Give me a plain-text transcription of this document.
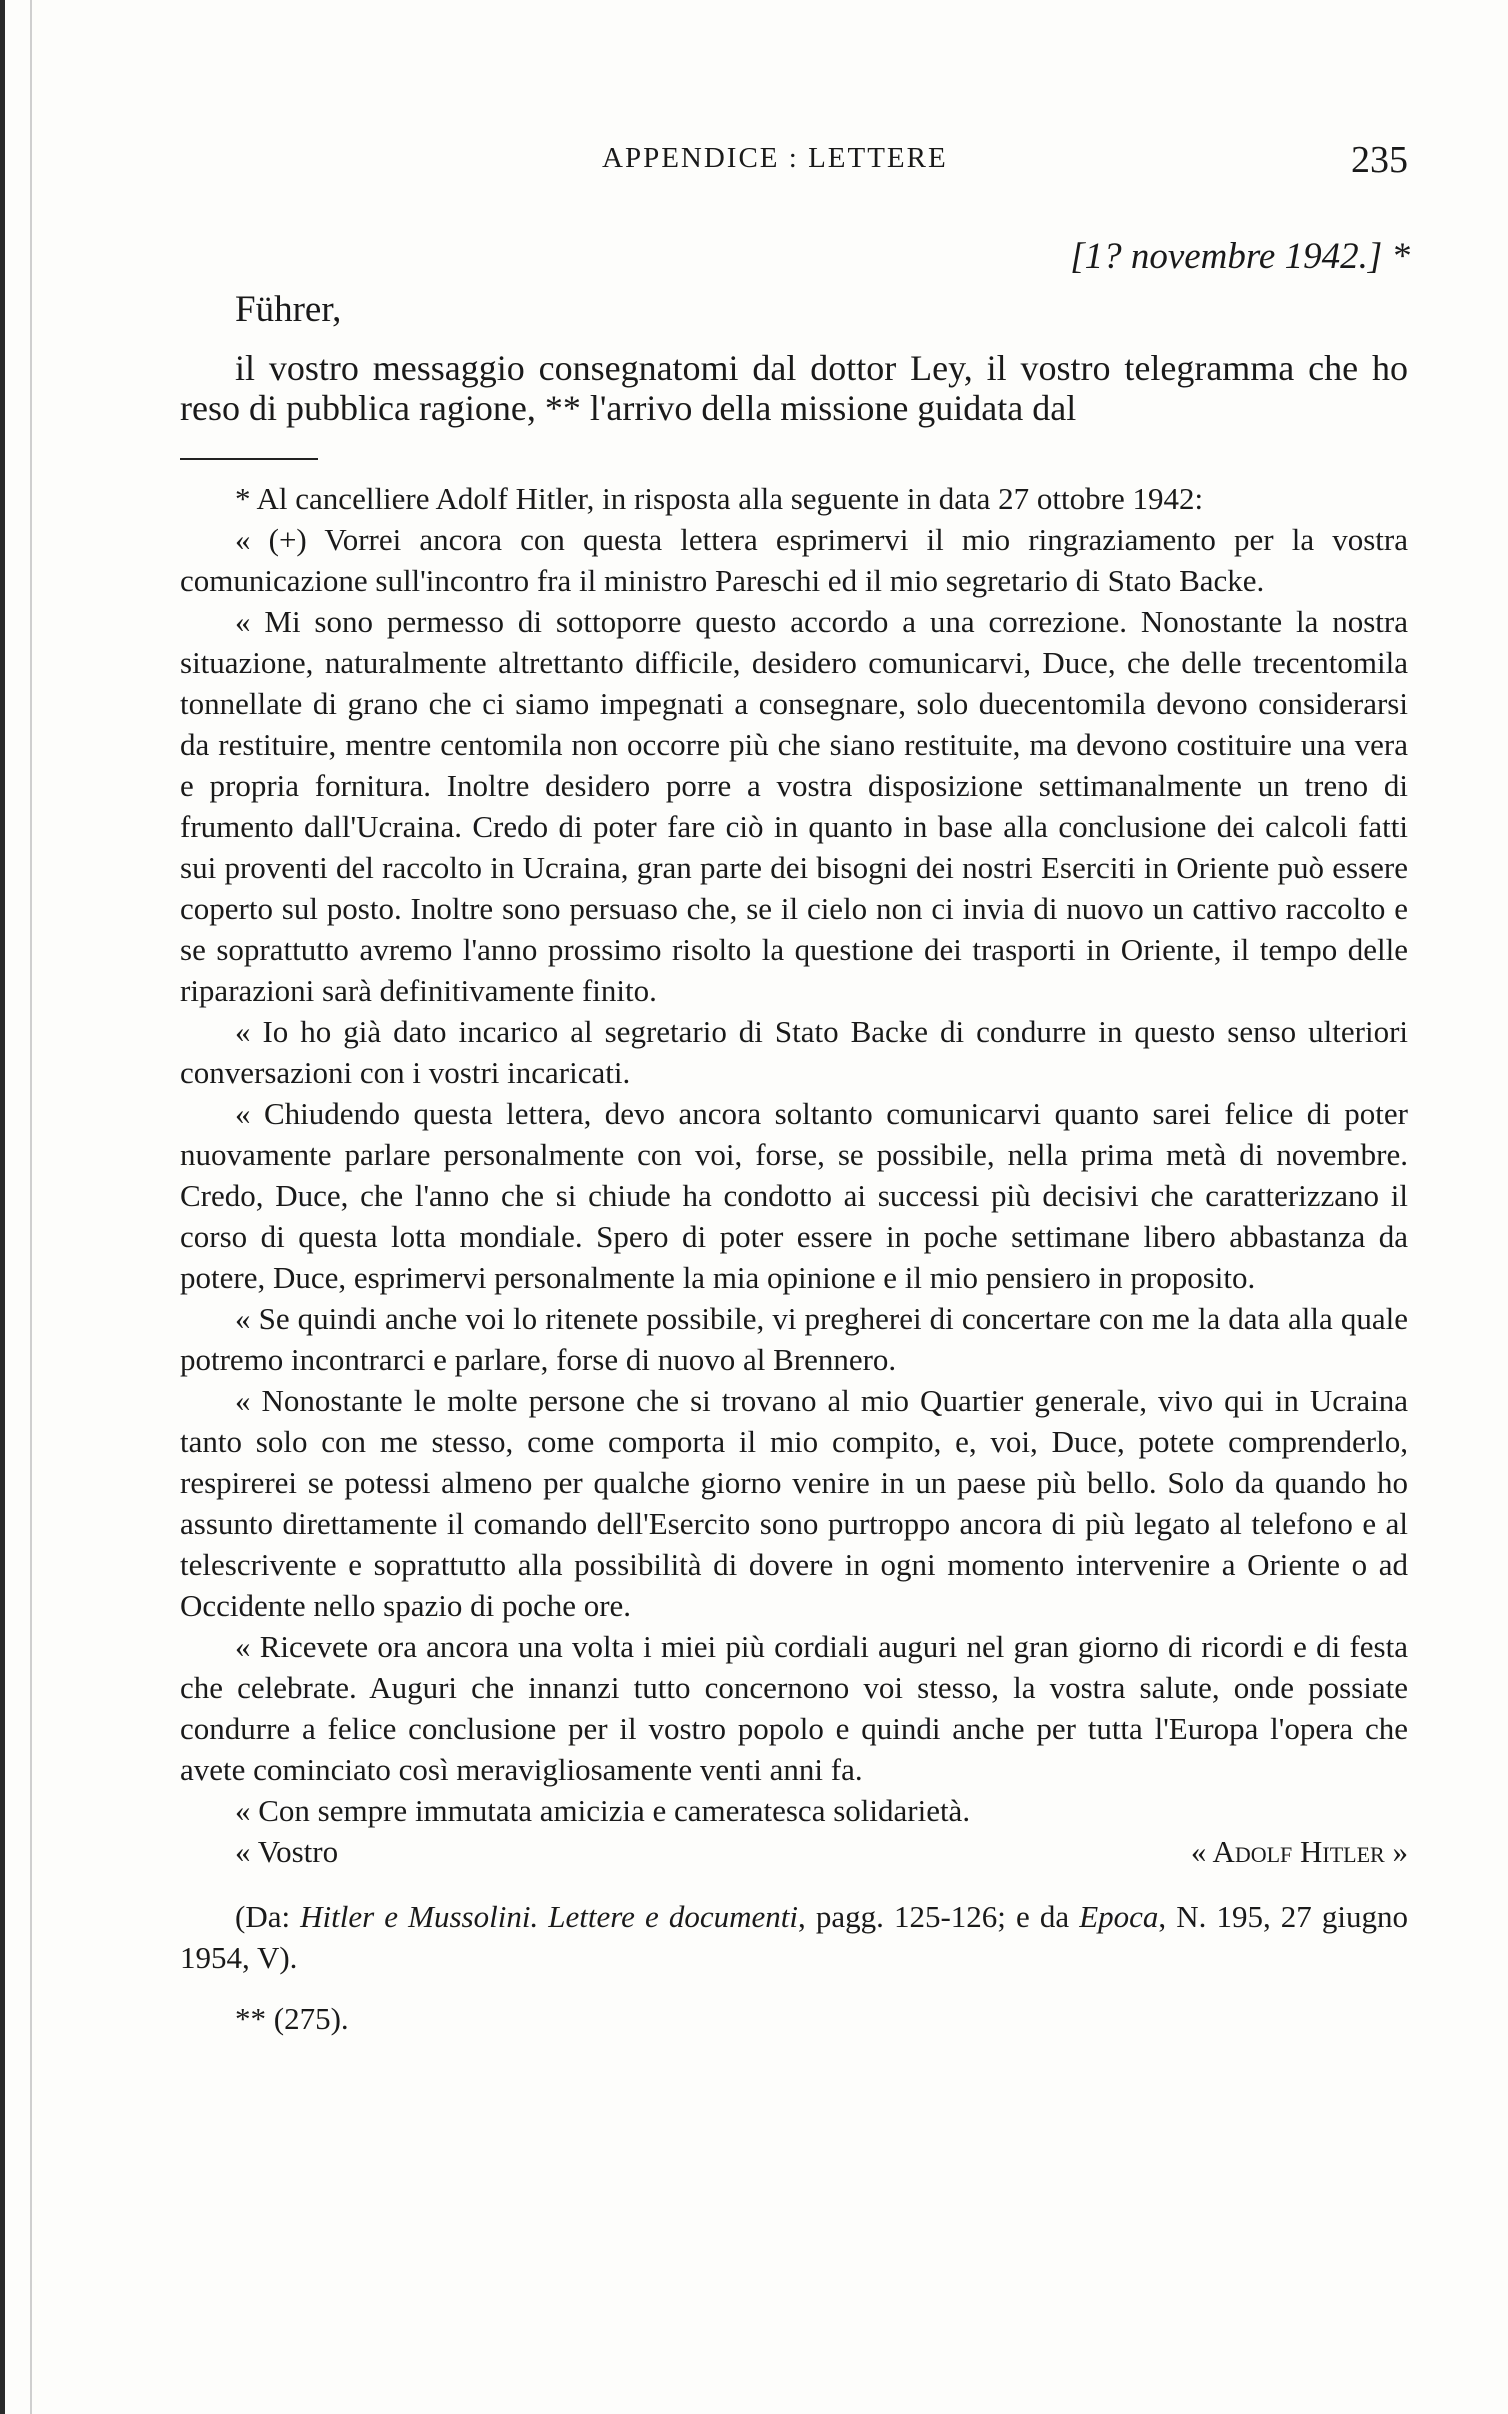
APPENDICE : LETTERE	235
[1? novembre 1942.] *
Führer,

il vostro messaggio consegnatomi dal dottor Ley, il vostro telegramma che ho reso di pubblica ragione, ** l'arrivo della missione guidata dal

* Al cancelliere Adolf Hitler, in risposta alla seguente in data 27 ottobre 1942:

« (+) Vorrei ancora con questa lettera esprimervi il mio ringraziamento per la vostra comunicazione sull'incontro fra il ministro Pareschi ed il mio segretario di Stato Backe.

« Mi sono permesso di sottoporre questo accordo a una correzione. Nonostante la nostra situazione, naturalmente altrettanto difficile, desidero comunicarvi, Duce, che delle trecentomila tonnellate di grano che ci siamo impegnati a consegnare, solo duecentomila devono considerarsi da restituire, mentre centomila non occorre più che siano restituite, ma devono costituire una vera e propria fornitura. Inoltre desidero porre a vostra disposizione settimanalmente un treno di frumento dall'Ucraina. Credo di poter fare ciò in quanto in base alla conclusione dei calcoli fatti sui proventi del raccolto in Ucraina, gran parte dei bisogni dei nostri Eserciti in Oriente può essere coperto sul posto. Inoltre sono persuaso che, se il cielo non ci invia di nuovo un cattivo raccolto e se soprattutto avremo l'anno prossimo risolto la questione dei trasporti in Oriente, il tempo delle riparazioni sarà definitivamente finito.

« Io ho già dato incarico al segretario di Stato Backe di condurre in questo senso ulteriori conversazioni con i vostri incaricati.

« Chiudendo questa lettera, devo ancora soltanto comunicarvi quanto sarei felice di poter nuovamente parlare personalmente con voi, forse, se possibile, nella prima metà di novembre. Credo, Duce, che l'anno che si chiude ha condotto ai successi più decisivi che caratterizzano il corso di questa lotta mondiale. Spero di poter essere in poche settimane libero abbastanza da potere, Duce, esprimervi personalmente la mia opinione e il mio pensiero in proposito.

« Se quindi anche voi lo ritenete possibile, vi pregherei di concertare con me la data alla quale potremo incontrarci e parlare, forse di nuovo al Brennero.

« Nonostante le molte persone che si trovano al mio Quartier generale, vivo qui in Ucraina tanto solo con me stesso, come comporta il mio compito, e, voi, Duce, potete comprenderlo, respirerei se potessi almeno per qualche giorno venire in un paese più bello. Solo da quando ho assunto direttamente il comando dell'Esercito sono purtroppo ancora di più legato al telefono e al telescrivente e soprattutto alla possibilità di dovere in ogni momento intervenire a Oriente o ad Occidente nello spazio di poche ore.

« Ricevete ora ancora una volta i miei più cordiali auguri nel gran giorno di ricordi e di festa che celebrate. Auguri che innanzi tutto concernono voi stesso, la vostra salute, onde possiate condurre a felice conclusione per il vostro popolo e quindi anche per tutta l'Europa l'opera che avete cominciato così meravigliosamente venti anni fa.

« Con sempre immutata amicizia e cameratesca solidarietà.

« Vostro	« Adolf Hitler »

(Da: Hitler e Mussolini. Lettere e documenti, pagg. 125-126; e da Epoca, N. 195, 27 giugno 1954, V).

** (275).
